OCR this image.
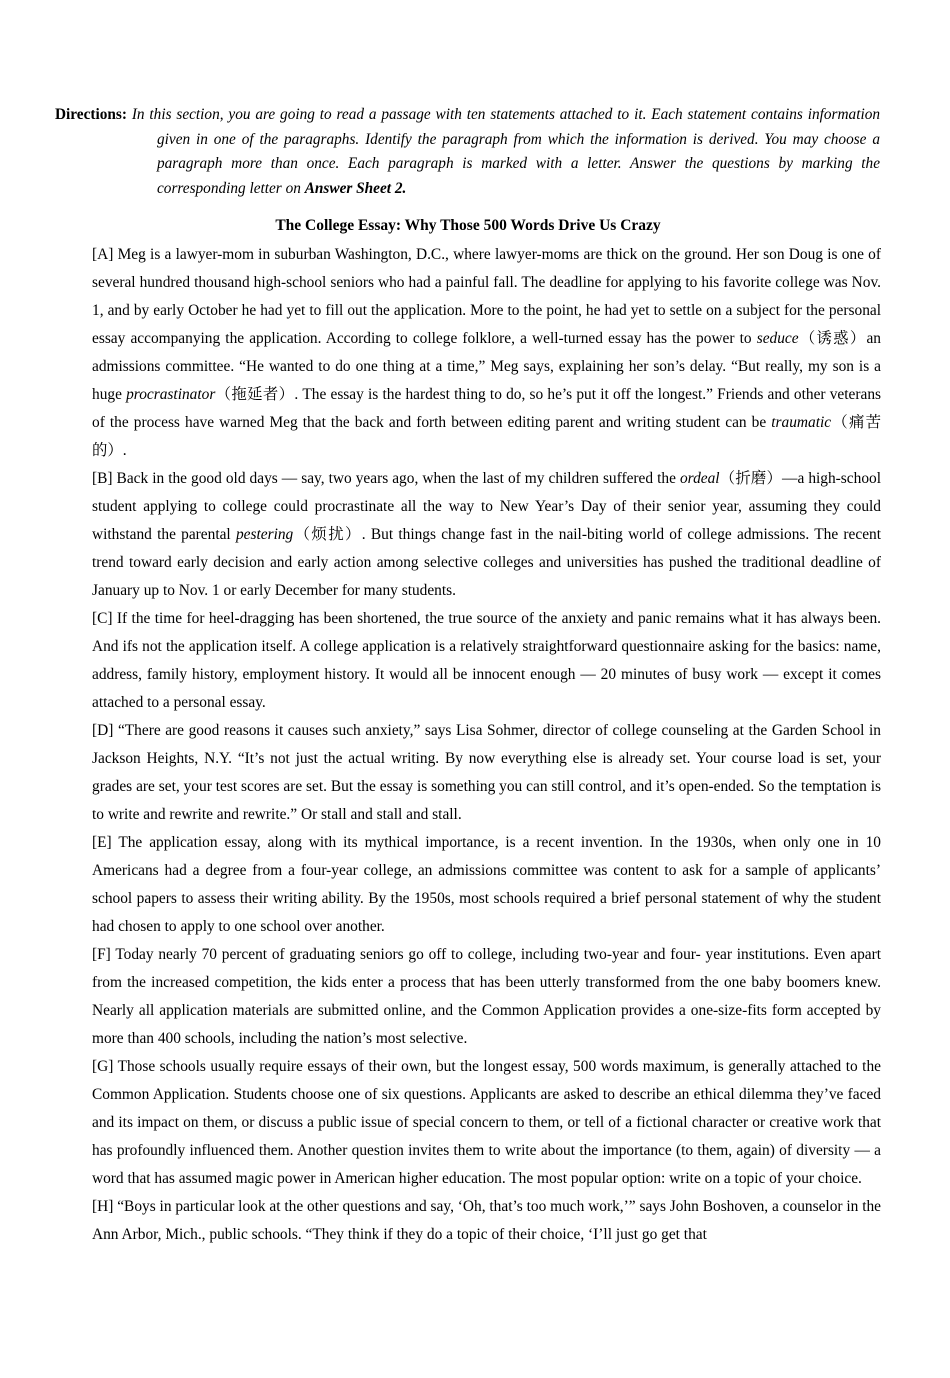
Directions: In this section, you are going to read a passage with ten statements attached to it. Each statement contains information given in one of the paragraphs. Identify the paragraph from which the information is derived. You may choose a paragraph more than once. Each paragraph is marked with a letter. Answer the questions by marking the corresponding letter on Answer Sheet 2.
The College Essay: Why Those 500 Words Drive Us Crazy

[A] Meg is a lawyer-mom in suburban Washington, D.C., where lawyer-moms are thick on the ground. Her son Doug is one of several hundred thousand high-school seniors who had a painful fall. The deadline for applying to his favorite college was Nov. 1, and by early October he had yet to fill out the application. More to the point, he had yet to settle on a subject for the personal essay accompanying the application. According to college folklore, a well-turned essay has the power to seduce（诱惑）an admissions committee. “He wanted to do one thing at a time,” Meg says, explaining her son’s delay. “But really, my son is a huge procrastinator（拖延者）. The essay is the hardest thing to do, so he’s put it off the longest.” Friends and other veterans of the process have warned Meg that the back and forth between editing parent and writing student can be traumatic（痛苦的）.

[B] Back in the good old days — say, two years ago, when the last of my children suffered the ordeal（折磨）—a high-school student applying to college could procrastinate all the way to New Year’s Day of their senior year, assuming they could withstand the parental pestering（烦扰）. But things change fast in the nail-biting world of college admissions. The recent trend toward early decision and early action among selective colleges and universities has pushed the traditional deadline of January up to Nov. 1 or early December for many students.

[C] If the time for heel-dragging has been shortened, the true source of the anxiety and panic remains what it has always been. And ifs not the application itself. A college application is a relatively straightforward questionnaire asking for the basics: name, address, family history, employment history. It would all be innocent enough — 20 minutes of busy work — except it comes attached to a personal essay.

[D] “There are good reasons it causes such anxiety,” says Lisa Sohmer, director of college counseling at the Garden School in Jackson Heights, N.Y. “It’s not just the actual writing. By now everything else is already set. Your course load is set, your grades are set, your test scores are set. But the essay is something you can still control, and it’s open-ended. So the temptation is to write and rewrite and rewrite.” Or stall and stall and stall.

[E] The application essay, along with its mythical importance, is a recent invention. In the 1930s, when only one in 10 Americans had a degree from a four-year college, an admissions committee was content to ask for a sample of applicants’ school papers to assess their writing ability. By the 1950s, most schools required a brief personal statement of why the student had chosen to apply to one school over another.

[F] Today nearly 70 percent of graduating seniors go off to college, including two-year and four- year institutions. Even apart from the increased competition, the kids enter a process that has been utterly transformed from the one baby boomers knew. Nearly all application materials are submitted online, and the Common Application provides a one-size-fits form accepted by more than 400 schools, including the nation’s most selective.

[G] Those schools usually require essays of their own, but the longest essay, 500 words maximum, is generally attached to the Common Application. Students choose one of six questions. Applicants are asked to describe an ethical dilemma they’ve faced and its impact on them, or discuss a public issue of special concern to them, or tell of a fictional character or creative work that has profoundly influenced them. Another question invites them to write about the importance (to them, again) of diversity — a word that has assumed magic power in American higher education. The most popular option: write on a topic of your choice.

[H] “Boys in particular look at the other questions and say, ‘Oh, that’s too much work,’” says John Boshoven, a counselor in the Ann Arbor, Mich., public schools. “They think if they do a topic of their choice, ‘I’ll just go get that
